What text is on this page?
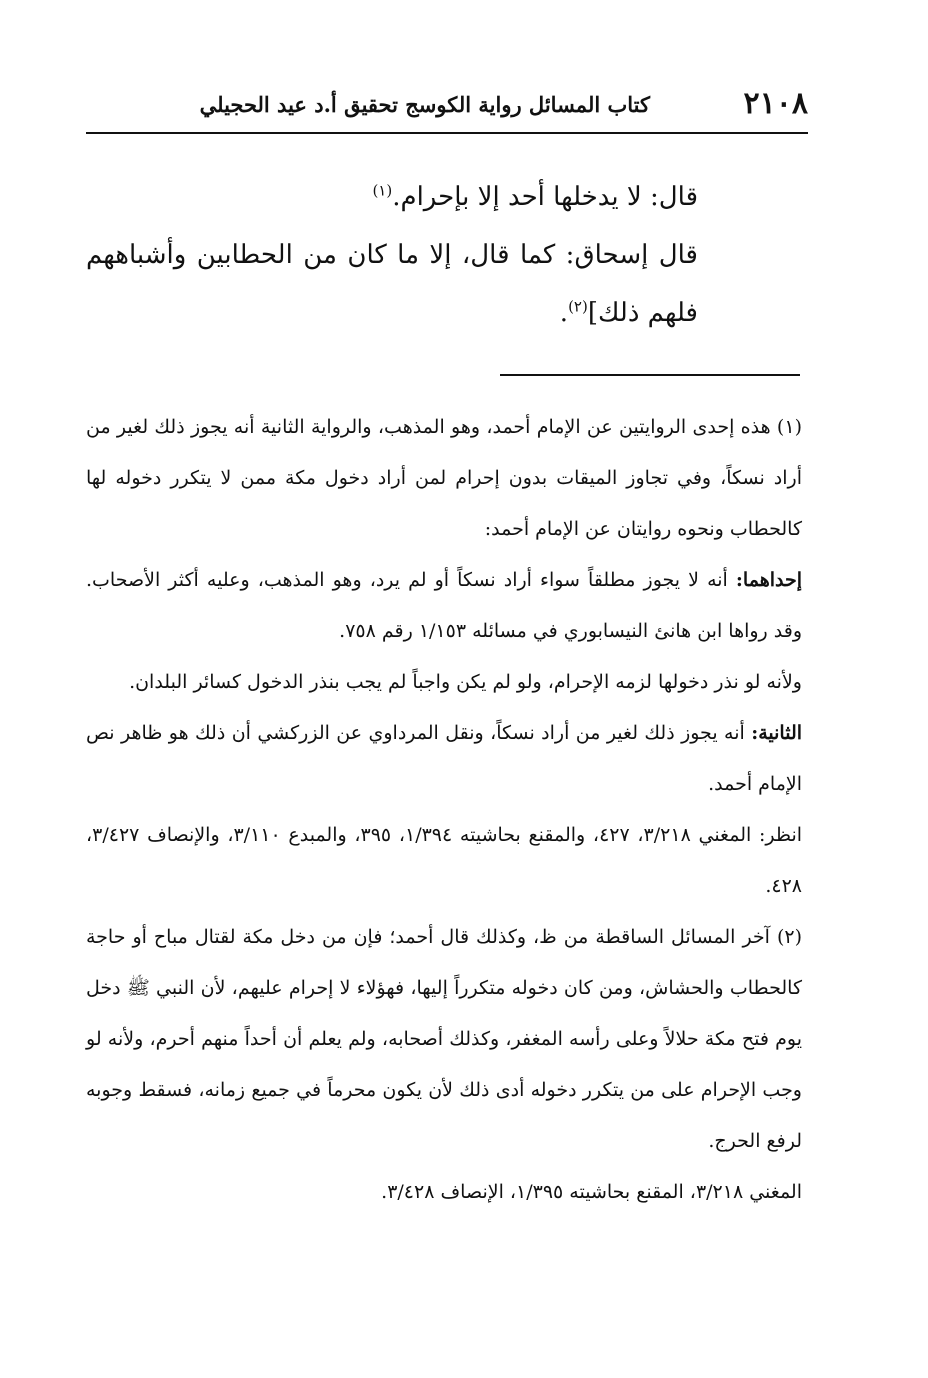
٢١٠٨
كتاب المسائل رواية الكوسج تحقيق أ.د عيد الحجيلي

قال: لا يدخلها أحد إلا بإحرام.$^{(١)}$

قال إسحاق: كما قال، إلا ما كان من الحطابين وأشباههم فلهم ذلك]$^{(٢)}$.

(١) هذه إحدى الروايتين عن الإمام أحمد، وهو المذهب، والرواية الثانية أنه يجوز ذلك لغير من أراد نسكاً، وفي تجاوز الميقات بدون إحرام لمن أراد دخول مكة ممن لا يتكرر دخوله لها كالحطاب ونحوه روايتان عن الإمام أحمد:

إحداهما: أنه لا يجوز مطلقاً سواء أراد نسكاً أو لم يرد، وهو المذهب، وعليه أكثر الأصحاب. وقد رواها ابن هانئ النيسابوري في مسائله ١/١٥٣ رقم ٧٥٨.

ولأنه لو نذر دخولها لزمه الإحرام، ولو لم يكن واجباً لم يجب بنذر الدخول كسائر البلدان.

الثانية: أنه يجوز ذلك لغير من أراد نسكاً، ونقل المرداوي عن الزركشي أن ذلك هو ظاهر نص الإمام أحمد.

انظر: المغني ٣/٢١٨، ٤٢٧، والمقنع بحاشيته ١/٣٩٤، ٣٩٥، والمبدع ٣/١١٠، والإنصاف ٣/٤٢٧، ٤٢٨.

(٢) آخر المسائل الساقطة من ظ، وكذلك قال أحمد؛ فإن من دخل مكة لقتال مباح أو حاجة كالحطاب والحشاش، ومن كان دخوله متكرراً إليها، فهؤلاء لا إحرام عليهم، لأن النبي ﷺ دخل يوم فتح مكة حلالاً وعلى رأسه المغفر، وكذلك أصحابه، ولم يعلم أن أحداً منهم أحرم، ولأنه لو وجب الإحرام على من يتكرر دخوله أدى ذلك لأن يكون محرماً في جميع زمانه، فسقط وجوبه لرفع الحرج.

المغني ٣/٢١٨، المقنع بحاشيته ١/٣٩٥، الإنصاف ٣/٤٢٨.
